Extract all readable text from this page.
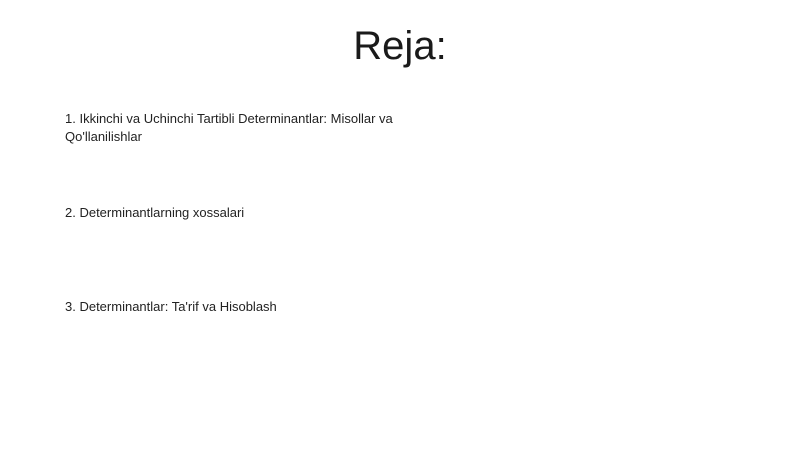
Reja:
1. Ikkinchi va Uchinchi Tartibli Determinantlar: Misollar va Qo'llanilishlar
2. Determinantlarning xossalari
3. Determinantlar: Ta'rif va Hisoblash
